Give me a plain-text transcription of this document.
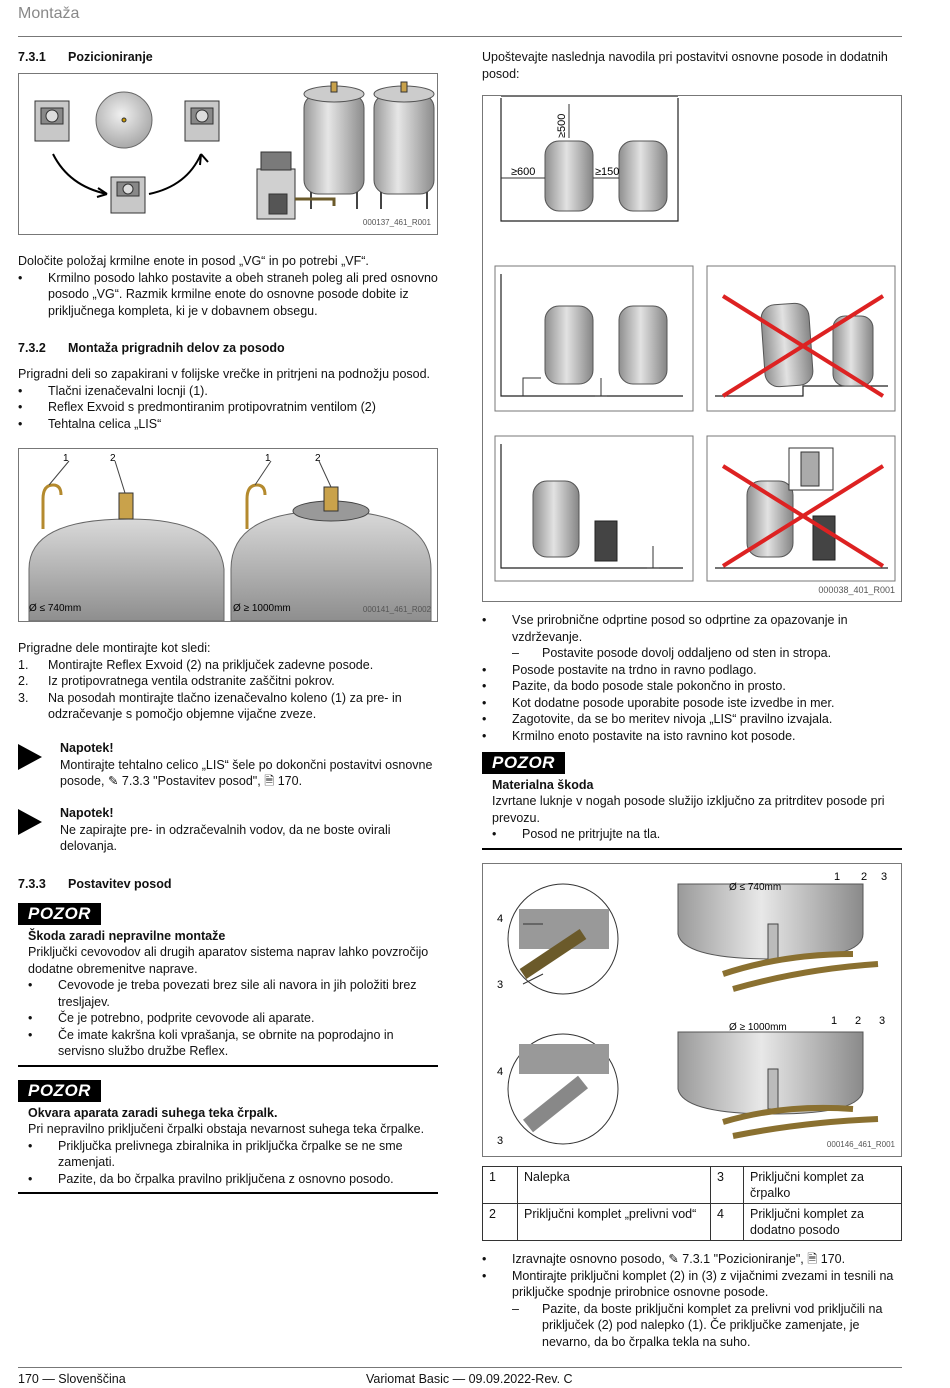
Montaža
7.3.1 Pozicioniranje
000137_461_R001

Določite položaj krmilne enote in posod „VG“ in po potrebi „VF“.

• Krmilno posodo lahko postavite a obeh straneh poleg ali pred osnovno posodo „VG“. Razmik krmilne enote do osnovne posode dobite iz priključnega kompleta, ki je v dobavnem obsegu.
7.3.2 Montaža prigradnih delov za posodo

Prigradni deli so zapakirani v folijske vrečke in pritrjeni na podnožju posod.

• Tlačni izenačevalni locnji (1).
• Reflex Exvoid s predmontiranim protipovratnim ventilom (2)
• Tehtalna celica „LIS“
1	2	1	2
Ø ≤ 740mm	Ø ≥ 1000mm	000141_461_R002

Prigradne dele montirajte kot sledi:

1. Montirajte Reflex Exvoid (2) na priključek zadevne posode.
2. Iz protipovratnega ventila odstranite zaščitni pokrov.
3. Na posodah montirajte tlačno izenačevalno koleno (1) za pre- in odzračevanje s pomočjo objemne vijačne zveze.
Napotek!
Montirajte tehtalno celico „LIS“ šele po dokončni postavitvi osnovne posode, ✎ 7.3.3 "Postavitev posod", 🗎 170.
Napotek!
Ne zapirajte pre- in odzračevalnih vodov, da ne boste ovirali delovanja.
7.3.3 Postavitev posod
POZOR
Škoda zaradi nepravilne montaže

Priključki cevovodov ali drugih aparatov sistema naprav lahko povzročijo dodatne obremenitve naprave.

• Cevovode je treba povezati brez sile ali navora in jih položiti brez tresljajev.
• Če je potrebno, podprite cevovode ali aparate.
• Če imate kakršna koli vprašanja, se obrnite na poprodajno in servisno službo družbe Reflex.
POZOR
Okvara aparata zaradi suhega teka črpalk.

Pri nepravilno priključeni črpalki obstaja nevarnost suhega teka črpalke.

• Priključka prelivnega zbiralnika in priključka črpalke se ne sme zamenjati.
• Pazite, da bo črpalka pravilno priključena z osnovno posodo.
Upoštevajte naslednja navodila pri postavitvi osnovne posode in dodatnih posod:
≥500
≥600	≥150
000038_401_R001
• Vse prirobnične odprtine posod so odprtine za opazovanje in vzdrževanje.
– Postavite posode dovolj oddaljeno od sten in stropa.
• Posode postavite na trdno in ravno podlago.
• Pazite, da bodo posode stale pokončno in prosto.
• Kot dodatne posode uporabite posode iste izvedbe in mer.
• Zagotovite, da se bo meritev nivoja „LIS“ pravilno izvajala.
• Krmilno enoto postavite na isto ravnino kot posode.
POZOR
Materialna škoda

Izvrtane luknje v nogah posode služijo izključno za pritrditev posode pri prevozu.

• Posod ne pritrjujte na tla.
Ø ≤ 740mm
Ø ≥ 1000mm
1 2 3
4
3
1 2 3
4
3	000146_461_R001
1	Nalepka	3	Priključni komplet za črpalko
2	Priključni komplet „prelivni vod“	4	Priključni komplet za dodatno posodo
• Izravnajte osnovno posodo, ✎ 7.3.1 "Pozicioniranje", 🗎 170.
• Montirajte priključni komplet (2) in (3) z vijačnimi zvezami in tesnili na priključke spodnje prirobnice osnovne posode.
– Pazite, da boste priključni komplet za prelivni vod priključili na priključek (2) pod nalepko (1). Če priključke zamenjate, je nevarno, da bo črpalka tekla na suho.
170 — Slovenščina	Variomat Basic — 09.09.2022-Rev. C
